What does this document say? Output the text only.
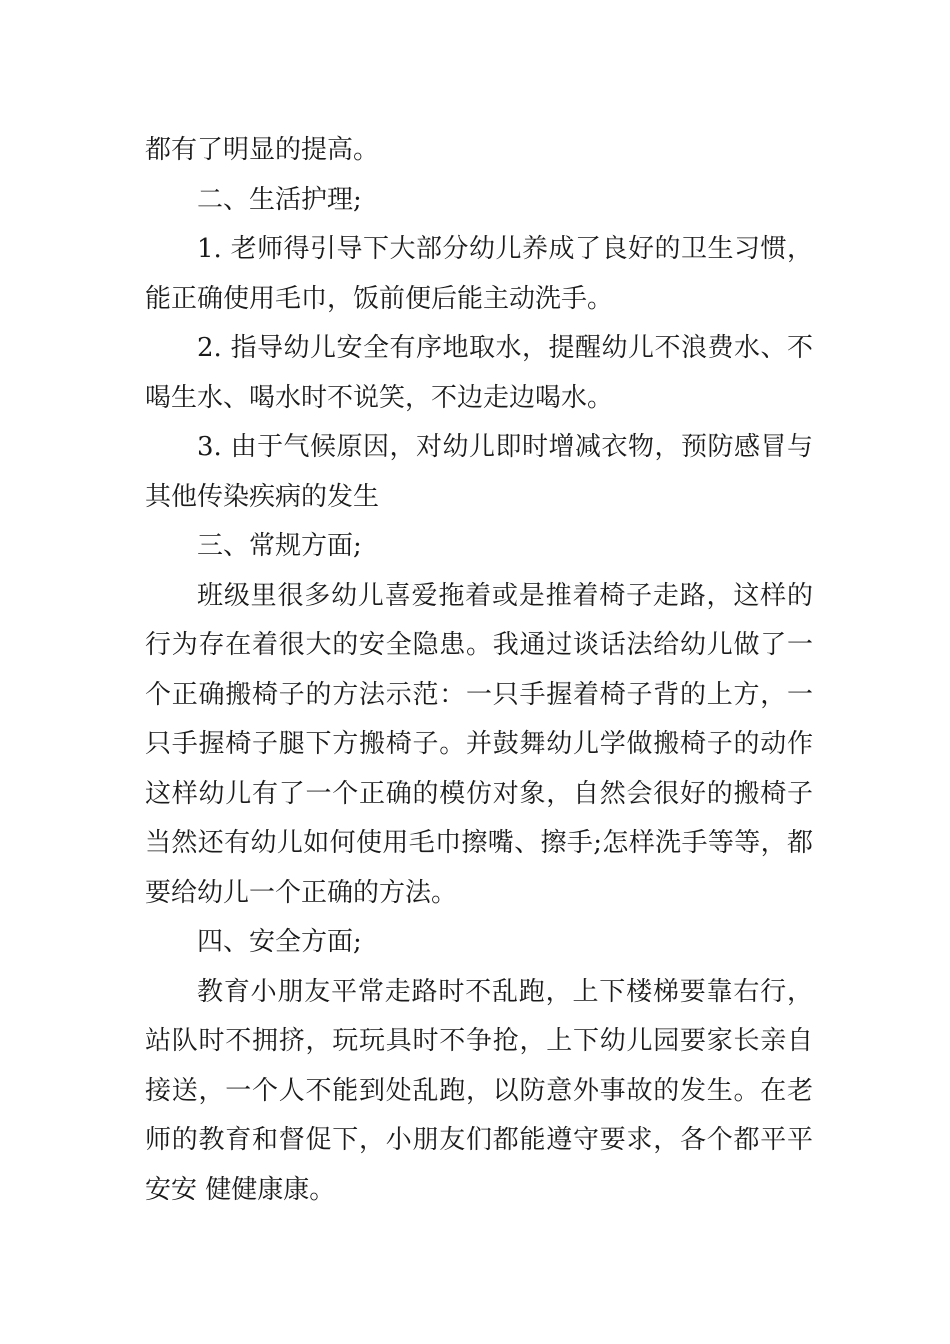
都有了明显的提高。
二、生活护理;
1. 老师得引导下大部分幼儿养成了良好的卫生习惯，
能正确使用毛巾，饭前便后能主动洗手。
2. 指导幼儿安全有序地取水，提醒幼儿不浪费水、不
喝生水、喝水时不说笑，不边走边喝水。
3. 由于气候原因，对幼儿即时增减衣物，预防感冒与
其他传染疾病的发生
三、常规方面;
班级里很多幼儿喜爱拖着或是推着椅子走路，这样的
行为存在着很大的安全隐患。我通过谈话法给幼儿做了一
个正确搬椅子的方法示范：一只手握着椅子背的上方，一
只手握椅子腿下方搬椅子。并鼓舞幼儿学做搬椅子的动作
这样幼儿有了一个正确的模仿对象，自然会很好的搬椅子
当然还有幼儿如何使用毛巾擦嘴、擦手;怎样洗手等等，都
要给幼儿一个正确的方法。
四、安全方面;
教育小朋友平常走路时不乱跑，上下楼梯要靠右行，
站队时不拥挤，玩玩具时不争抢，上下幼儿园要家长亲自
接送，一个人不能到处乱跑，以防意外事故的发生。在老
师的教育和督促下，小朋友们都能遵守要求，各个都平平
安安 健健康康。
